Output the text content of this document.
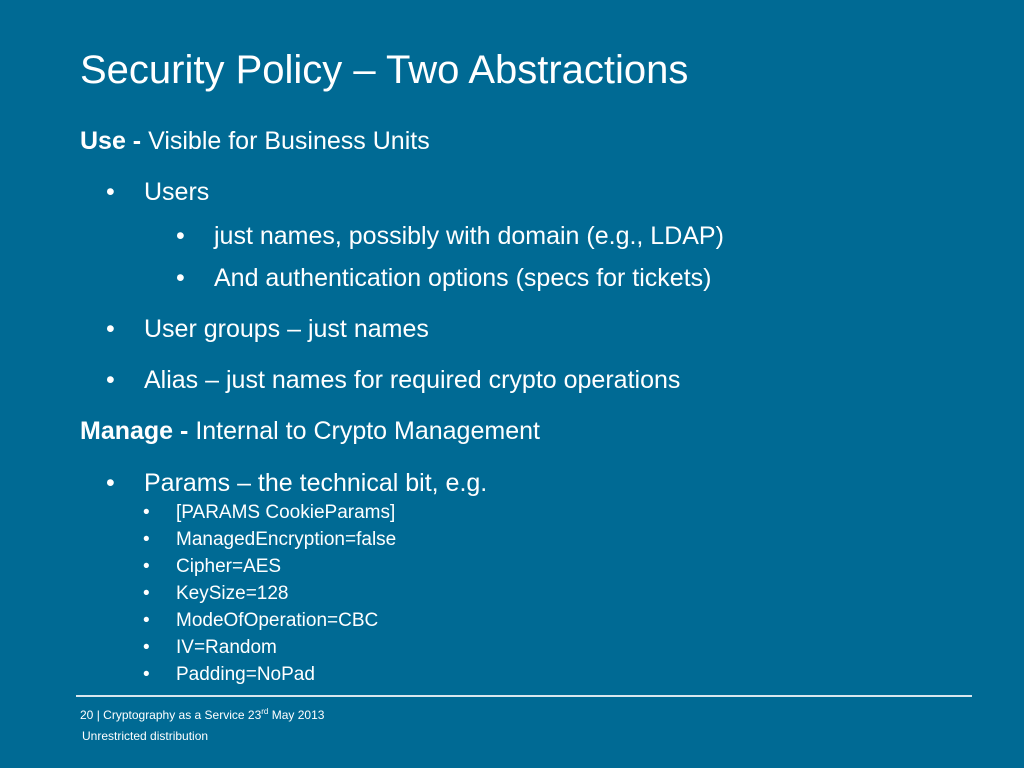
Security Policy – Two Abstractions
Use - Visible for Business Units
• Users
• just names, possibly with domain (e.g., LDAP)
• And authentication options (specs for tickets)
• User groups – just names
• Alias – just names for required crypto operations
Manage - Internal to Crypto Management
• Params – the technical bit, e.g.
• [PARAMS CookieParams]
• ManagedEncryption=false
• Cipher=AES
• KeySize=128
• ModeOfOperation=CBC
• IV=Random
• Padding=NoPad
20 | Cryptography as a Service 23rd May 2013
Unrestricted distribution
